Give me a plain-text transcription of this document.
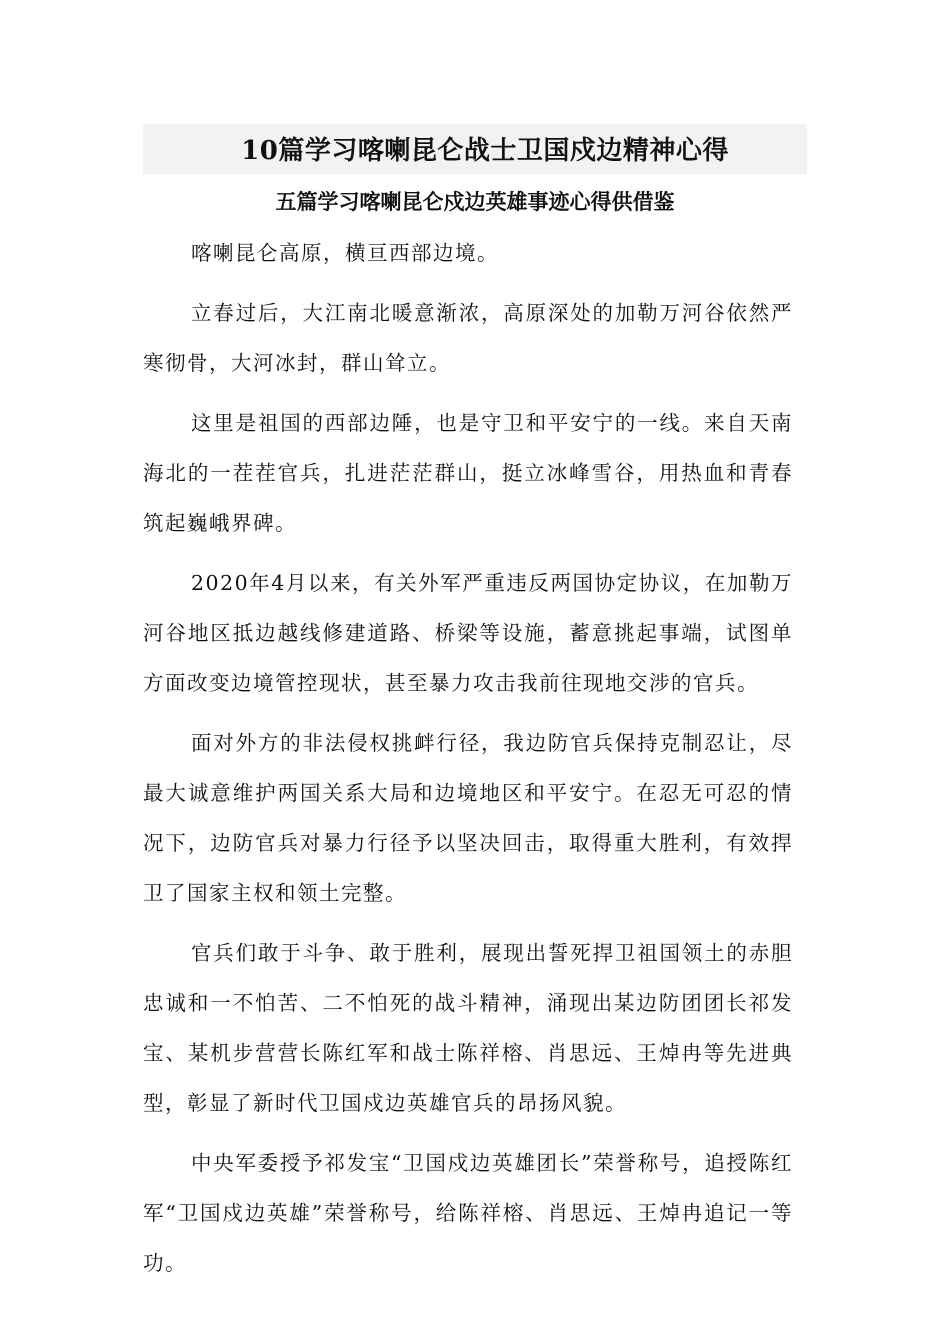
10篇学习喀喇昆仑战士卫国戍边精神心得
五篇学习喀喇昆仑戍边英雄事迹心得供借鉴

喀喇昆仑高原，横亘西部边境。

立春过后，大江南北暖意渐浓，高原深处的加勒万河谷依然严寒彻骨，大河冰封，群山耸立。

这里是祖国的西部边陲，也是守卫和平安宁的一线。来自天南海北的一茬茬官兵，扎进茫茫群山，挺立冰峰雪谷，用热血和青春筑起巍峨界碑。

2020年4月以来，有关外军严重违反两国协定协议，在加勒万河谷地区抵边越线修建道路、桥梁等设施，蓄意挑起事端，试图单方面改变边境管控现状，甚至暴力攻击我前往现地交涉的官兵。

面对外方的非法侵权挑衅行径，我边防官兵保持克制忍让，尽最大诚意维护两国关系大局和边境地区和平安宁。在忍无可忍的情况下，边防官兵对暴力行径予以坚决回击，取得重大胜利，有效捍卫了国家主权和领土完整。

官兵们敢于斗争、敢于胜利，展现出誓死捍卫祖国领土的赤胆忠诚和一不怕苦、二不怕死的战斗精神，涌现出某边防团团长祁发宝、某机步营营长陈红军和战士陈祥榕、肖思远、王焯冉等先进典型，彰显了新时代卫国戍边英雄官兵的昂扬风貌。

中央军委授予祁发宝“卫国戍边英雄团长”荣誉称号，追授陈红军“卫国戍边英雄”荣誉称号，给陈祥榕、肖思远、王焯冉追记一等功。
